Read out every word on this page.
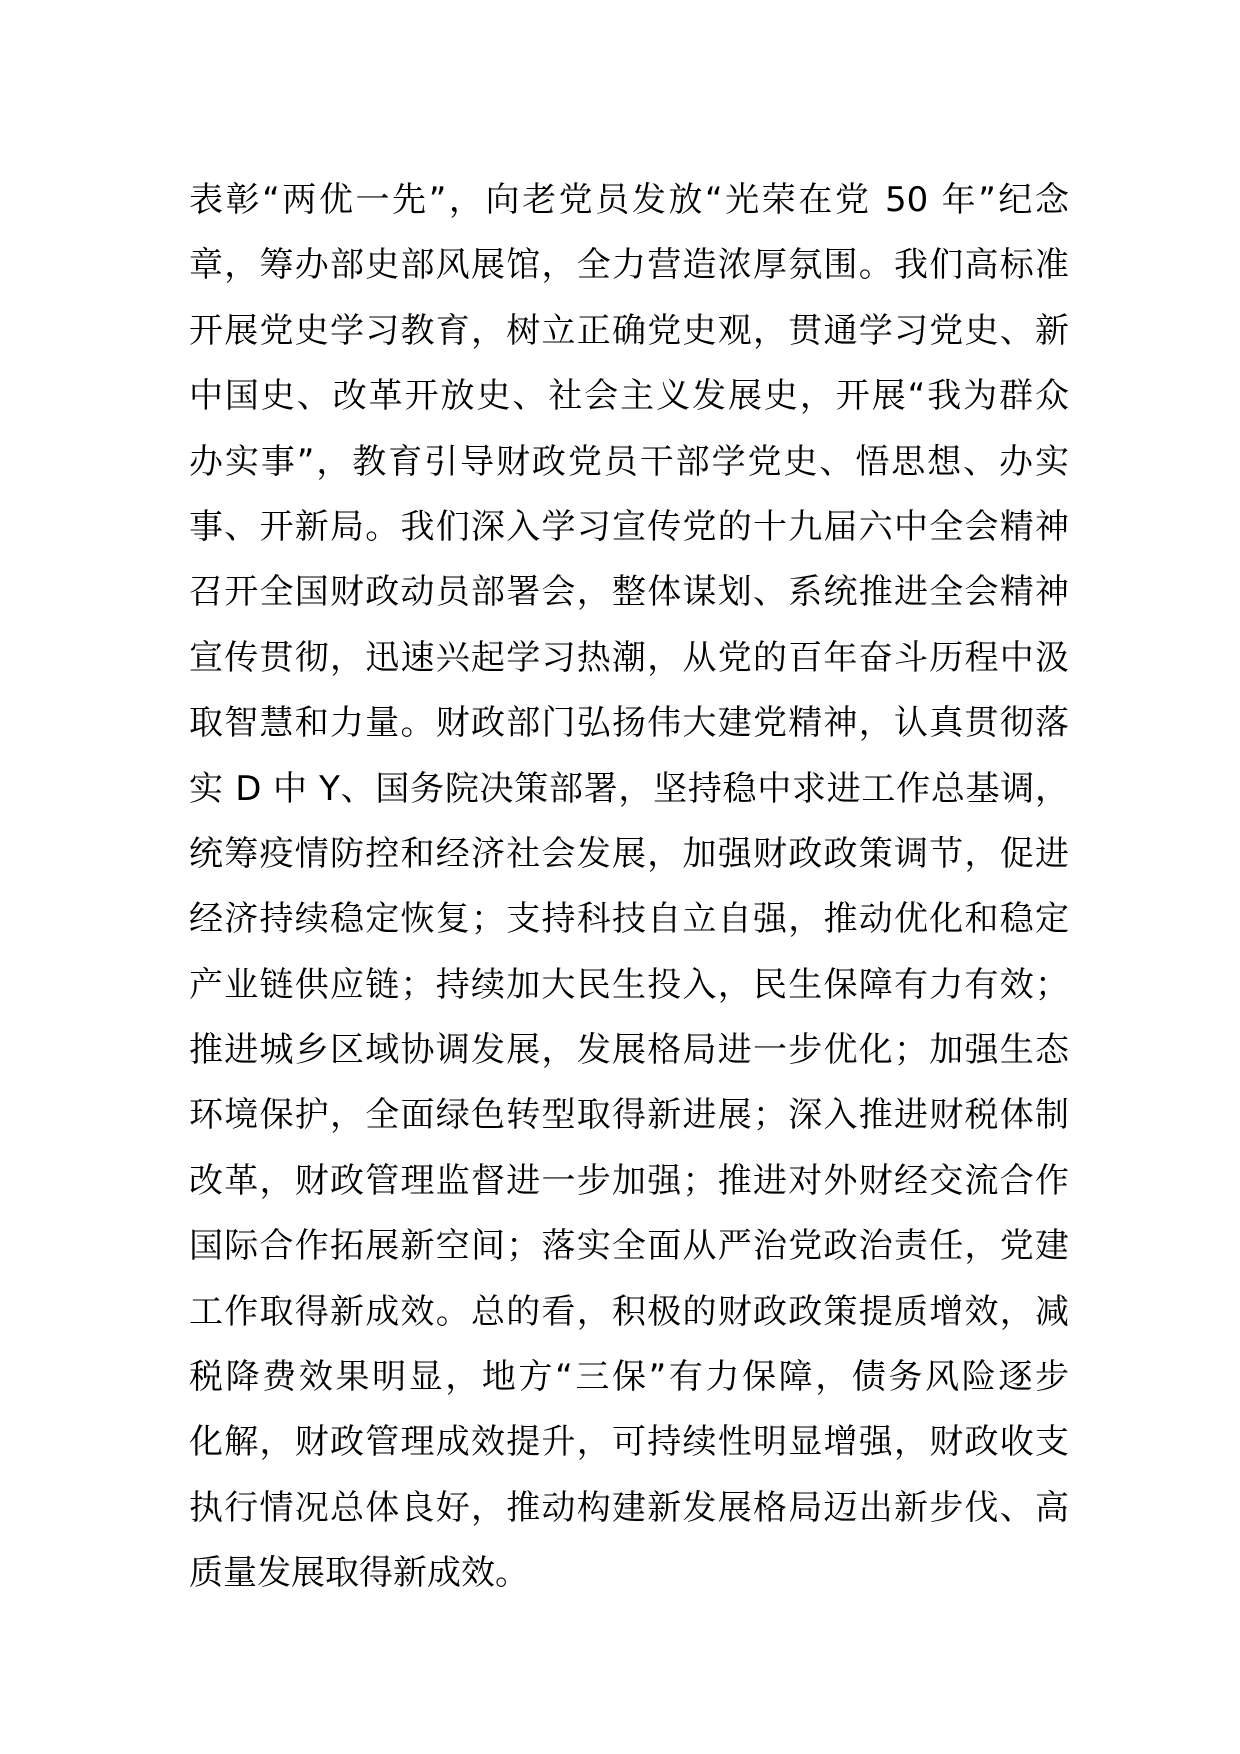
表彰“两优一先”，向老党员发放“光荣在党 50 年”纪念
章，筹办部史部风展馆，全力营造浓厚氛围。我们高标准
开展党史学习教育，树立正确党史观，贯通学习党史、新
中国史、改革开放史、社会主义发展史，开展“我为群众
办实事”，教育引导财政党员干部学党史、悟思想、办实
事、开新局。我们深入学习宣传党的十九届六中全会精神
召开全国财政动员部署会，整体谋划、系统推进全会精神
宣传贯彻，迅速兴起学习热潮，从党的百年奋斗历程中汲
取智慧和力量。财政部门弘扬伟大建党精神，认真贯彻落
实 D 中 Y、国务院决策部署，坚持稳中求进工作总基调，
统筹疫情防控和经济社会发展，加强财政政策调节，促进
经济持续稳定恢复；支持科技自立自强，推动优化和稳定
产业链供应链；持续加大民生投入，民生保障有力有效；
推进城乡区域协调发展，发展格局进一步优化；加强生态
环境保护，全面绿色转型取得新进展；深入推进财税体制
改革，财政管理监督进一步加强；推进对外财经交流合作
国际合作拓展新空间；落实全面从严治党政治责任，党建
工作取得新成效。总的看，积极的财政政策提质增效，减
税降费效果明显，地方“三保”有力保障，债务风险逐步
化解，财政管理成效提升，可持续性明显增强，财政收支
执行情况总体良好，推动构建新发展格局迈出新步伐、高
质量发展取得新成效。
